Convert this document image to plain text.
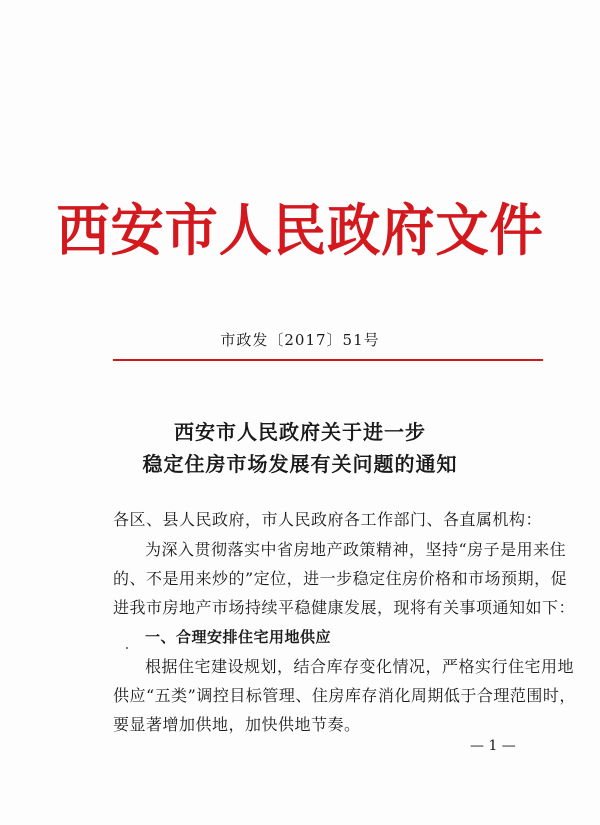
西安市人民政府文件
市政发〔2017〕51号
西安市人民政府关于进一步
稳定住房市场发展有关问题的通知
各区、县人民政府，市人民政府各工作部门、各直属机构：
为深入贯彻落实中省房地产政策精神，坚持“房子是用来住
的、不是用来炒的”定位，进一步稳定住房价格和市场预期，促
进我市房地产市场持续平稳健康发展，现将有关事项通知如下：
一、合理安排住宅用地供应
根据住宅建设规划，结合库存变化情况，严格实行住宅用地
供应“五类”调控目标管理、住房库存消化周期低于合理范围时，
要显著增加供地，加快供地节奏。
— 1 —
